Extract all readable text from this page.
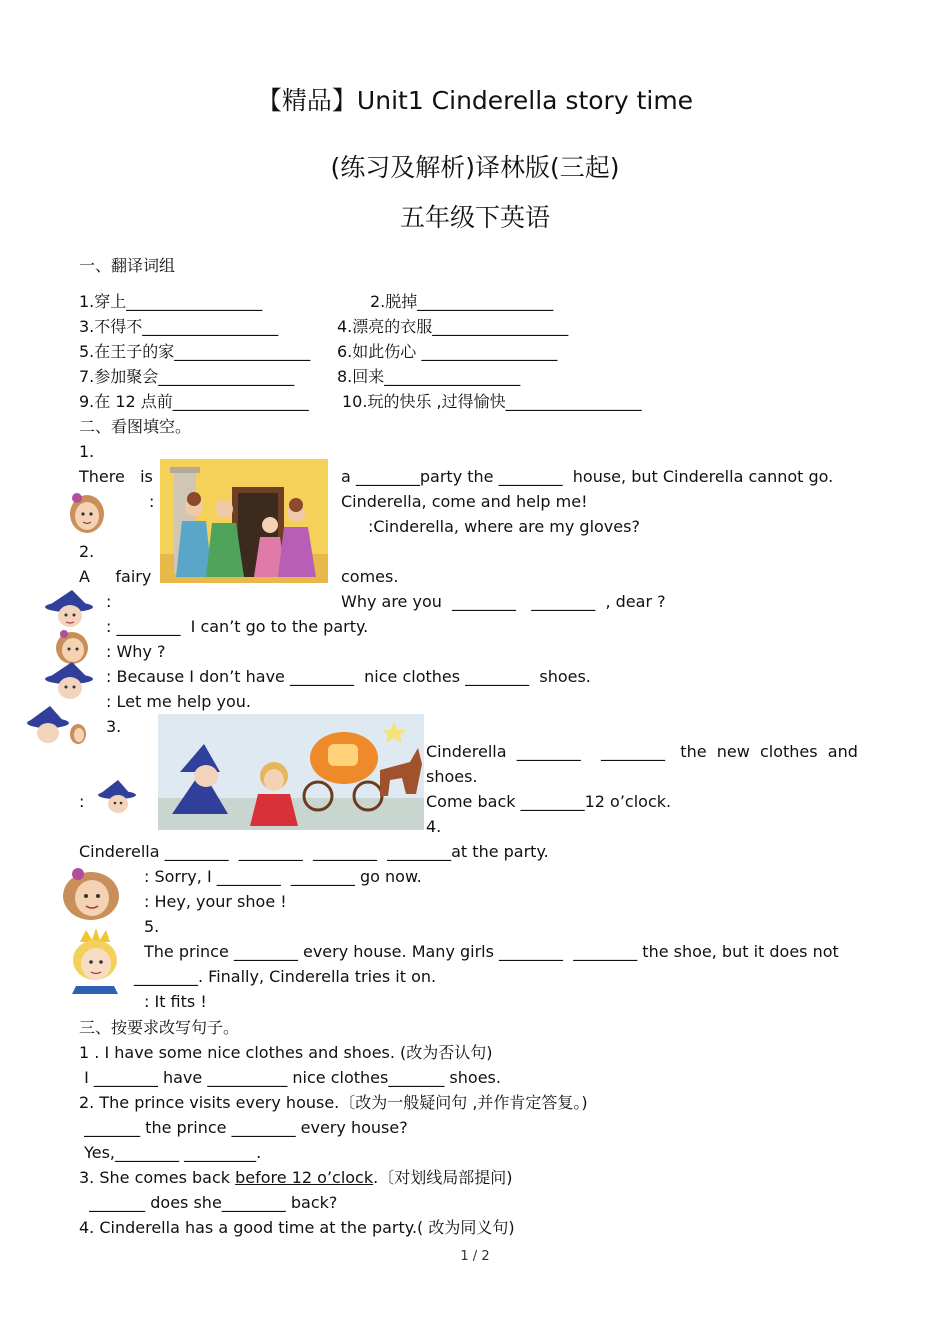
【精品】Unit1 Cinderella story time
(练习及解析)译林版(三起)
五年级下英语
一、翻译词组
1.穿上_________________	2.脱掉_________________
3.不得不_________________	4.漂亮的衣服_________________
5.在王子的家_________________ 6.如此伤心 _________________
7.参加聚会_________________	8.回来_________________
9.在 12 点前_________________ 10.玩的快乐 ,过得愉快_________________
二、看图填空。
1.
There   is	a ________party the ________  house, but Cinderella cannot go.
:	Cinderella, come and help me!
:Cinderella, where are my gloves?
2.
A     fairy	comes.
:	Why are you  ________   ________  , dear ?
: ________  I can’t go to the party.
: Why ?
: Because I don’t have ________  nice clothes ________  shoes.
: Let me help you.
3.
Cinderella  ________    ________   the  new  clothes  and
shoes.
:	Come back ________12 o’clock.
4.
Cinderella ________  ________  ________  ________at the party.
: Sorry, I ________  ________ go now.
: Hey, your shoe !
5.
The prince ________ every house. Many girls ________  ________ the shoe, but it does not
________. Finally, Cinderella tries it on.
: It fits !
三、按要求改写句子。
1 . I have some nice clothes and shoes. (改为否认句)
I ________ have __________ nice clothes_______ shoes.
2. The prince visits every house.〔改为一般疑问句 ,并作肯定答复。)
_______ the prince ________ every house?
Yes,________ _________.
3. She comes back before 12 o’clock.〔对划线局部提问)
_______ does she________ back?
4. Cinderella has a good time at the party.( 改为同义句)
1 / 2
